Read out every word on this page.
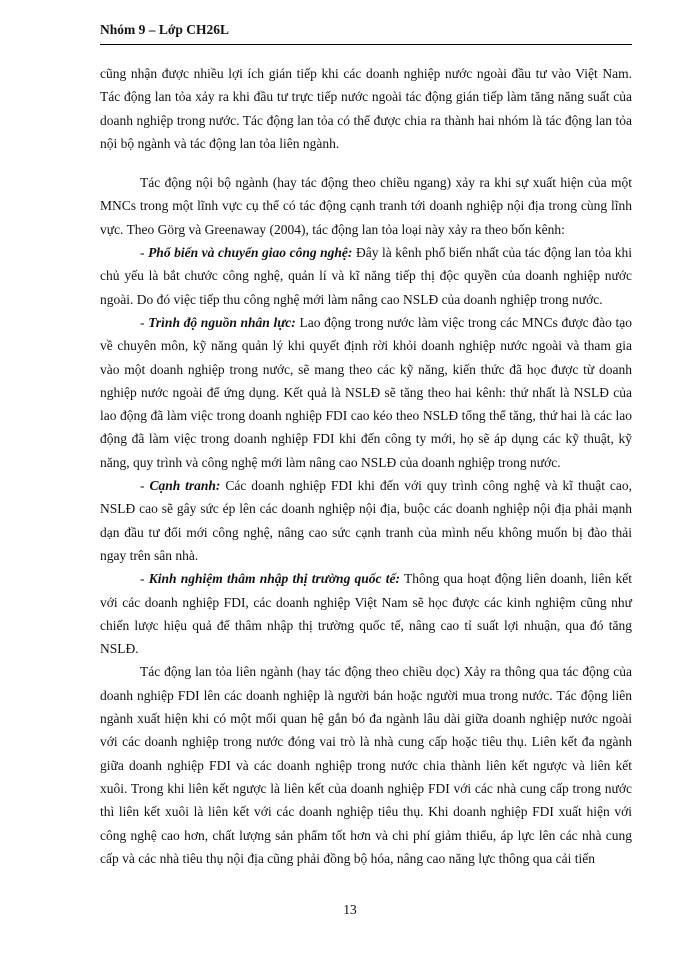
Nhóm 9 – Lớp CH26L

cũng nhận được nhiều lợi ích gián tiếp khi các doanh nghiệp nước ngoài đầu tư vào Việt Nam. Tác động lan tỏa xảy ra khi đầu tư trực tiếp nước ngoài tác động gián tiếp làm tăng năng suất của doanh nghiệp trong nước. Tác động lan tỏa có thể được chia ra thành hai nhóm là tác động lan tỏa nội bộ ngành và tác động lan tỏa liên ngành.

Tác động nội bộ ngành (hay tác động theo chiều ngang) xảy ra khi sự xuất hiện của một MNCs trong một lĩnh vực cụ thể có tác động cạnh tranh tới doanh nghiệp nội địa trong cùng lĩnh vực. Theo Görg và Greenaway (2004), tác động lan tỏa loại này xảy ra theo bốn kênh:

- Phổ biến và chuyển giao công nghệ: Đây là kênh phổ biến nhất của tác động lan tỏa khi chủ yếu là bắt chước công nghệ, quản lí và kĩ năng tiếp thị độc quyền của doanh nghiệp nước ngoài. Do đó việc tiếp thu công nghệ mới làm nâng cao NSLĐ của doanh nghiệp trong nước.

- Trình độ nguồn nhân lực: Lao động trong nước làm việc trong các MNCs được đào tạo về chuyên môn, kỹ năng quản lý khi quyết định rời khỏi doanh nghiệp nước ngoài và tham gia vào một doanh nghiệp trong nước, sẽ mang theo các kỹ năng, kiến thức đã học được từ doanh nghiệp nước ngoài để ứng dụng. Kết quả là NSLĐ sẽ tăng theo hai kênh: thứ nhất là NSLĐ của lao động đã làm việc trong doanh nghiệp FDI cao kéo theo NSLĐ tổng thể tăng, thứ hai là các lao động đã làm việc trong doanh nghiệp FDI khi đến công ty mới, họ sẽ áp dụng các kỹ thuật, kỹ năng, quy trình và công nghệ mới làm nâng cao NSLĐ của doanh nghiệp trong nước.

- Cạnh tranh: Các doanh nghiệp FDI khi đến với quy trình công nghệ và kĩ thuật cao, NSLĐ cao sẽ gây sức ép lên các doanh nghiệp nội địa, buộc các doanh nghiệp nội địa phải mạnh dạn đầu tư đổi mới công nghệ, nâng cao sức cạnh tranh của mình nếu không muốn bị đào thải ngay trên sân nhà.

- Kinh nghiệm thâm nhập thị trường quốc tế: Thông qua hoạt động liên doanh, liên kết với các doanh nghiệp FDI, các doanh nghiệp Việt Nam sẽ học được các kinh nghiệm cũng như chiến lược hiệu quả để thâm nhập thị trường quốc tế, nâng cao tỉ suất lợi nhuận, qua đó tăng NSLĐ.

Tác động lan tỏa liên ngành (hay tác động theo chiều dọc) Xảy ra thông qua tác động của doanh nghiệp FDI lên các doanh nghiệp là người bán hoặc người mua trong nước. Tác động liên ngành xuất hiện khi có một mối quan hệ gắn bó đa ngành lâu dài giữa doanh nghiệp nước ngoài với các doanh nghiệp trong nước đóng vai trò là nhà cung cấp hoặc tiêu thụ. Liên kết đa ngành giữa doanh nghiệp FDI và các doanh nghiệp trong nước chia thành liên kết ngược và liên kết xuôi. Trong khi liên kết ngược là liên kết của doanh nghiệp FDI với các nhà cung cấp trong nước thì liên kết xuôi là liên kết với các doanh nghiệp tiêu thụ. Khi doanh nghiệp FDI xuất hiện với công nghệ cao hơn, chất lượng sản phẩm tốt hơn và chi phí giảm thiểu, áp lực lên các nhà cung cấp và các nhà tiêu thụ nội địa cũng phải đồng bộ hóa, nâng cao năng lực thông qua cải tiến

13
